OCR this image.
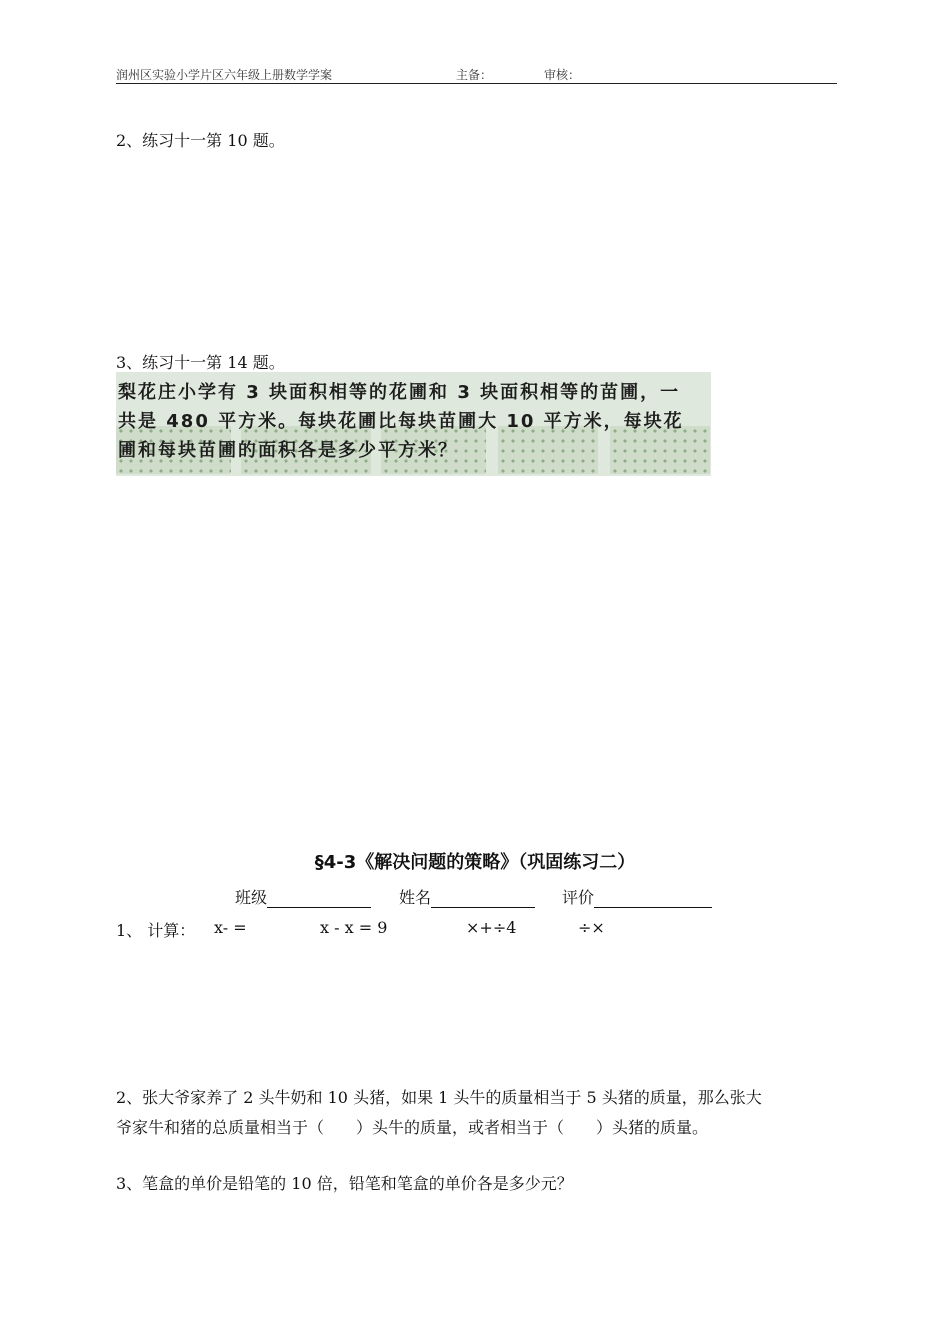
润州区实验小学片区六年级上册数学学案	主备：	审核：
2、练习十一第 10 题。
3、练习十一第 14 题。
梨花庄小学有 3 块面积相等的花圃和 3 块面积相等的苗圃，一
共是 480 平方米。每块花圃比每块苗圃大 10 平方米，每块花
圃和每块苗圃的面积各是多少平方米？
§4-3《解决问题的策略》（巩固练习二）
班级	姓名	评价
1、 计算： x- =	x - x = 9	×+÷4	÷×
2、张大爷家养了 2 头牛奶和 10 头猪，如果 1 头牛的质量相当于 5 头猪的质量，那么张大
爷家牛和猪的总质量相当于（　　）头牛的质量，或者相当于（　　）头猪的质量。
3、笔盒的单价是铅笔的 10 倍，铅笔和笔盒的单价各是多少元？
